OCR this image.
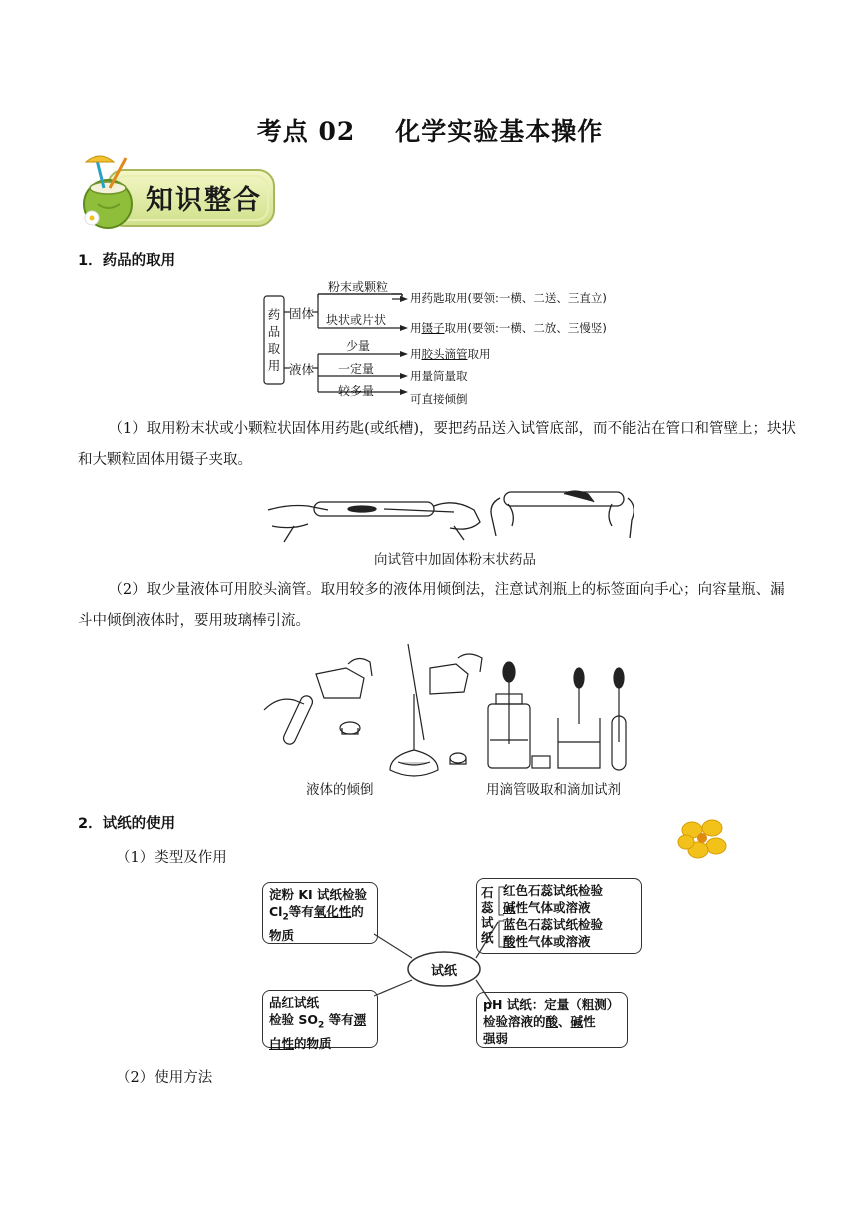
考点 02 化学实验基本操作
知识整合
1．药品的取用
药品取用
固体
液体
粉末或颗粒
块状或片状
少量
一定量
较多量
用药匙取用(要领:一横、二送、三直立)
用镊子取用(要领:一横、二放、三慢竖)
用胶头滴管取用
用量筒量取
可直接倾倒
（1）取用粉末状或小颗粒状固体用药匙(或纸槽)，要把药品送入试管底部，而不能沾在管口和管壁上；块状和大颗粒固体用镊子夹取。
向试管中加固体粉末状药品
（2）取少量液体可用胶头滴管。取用较多的液体用倾倒法，注意试剂瓶上的标签面向手心；向容量瓶、漏斗中倾倒液体时，要用玻璃棒引流。
液体的倾倒	用滴管吸取和滴加试剂
2．试纸的使用
（1）类型及作用
试纸
淀粉 KI 试纸检验
$Cl_2$等有氧化性的
物质
石蕊试纸
红色石蕊试纸检验
碱性气体或溶液
蓝色石蕊试纸检验
酸性气体或溶液
品红试纸
检验 $SO_2$ 等有漂
白性的物质
pH 试纸：定量（粗测）
检验溶液的酸、碱性
强弱
（2）使用方法
